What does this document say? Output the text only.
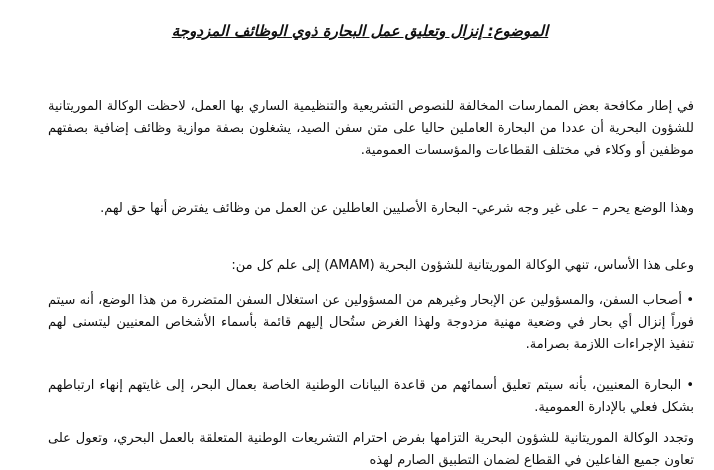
الموضوع: إنزال وتعليق عمل البحارة ذوي الوظائف المزدوجة
في إطار مكافحة بعض الممارسات المخالفة للنصوص التشريعية والتنظيمية الساري بها العمل، لاحظت الوكالة الموريتانية للشؤون البحرية أن عددا من البحارة العاملين حاليا على متن سفن الصيد، يشغلون بصفة موازية وظائف إضافية بصفتهم موظفين أو وكلاء في مختلف القطاعات والمؤسسات العمومية.
وهذا الوضع يحرم – على غير وجه شرعي- البحارة الأصليين العاطلين عن العمل من وظائف يفترض أنها حق لهم.
وعلى هذا الأساس، تنهي الوكالة الموريتانية للشؤون البحرية (AMAM) إلى علم كل من:
• أصحاب السفن، والمسؤولين عن الإبحار وغيرهم من المسؤولين عن استغلال السفن المتضررة من هذا الوضع، أنه سيتم فوراً إنزال أي بحار في وضعية مهنية مزدوجة ولهذا الغرض ستُحال إليهم قائمة بأسماء الأشخاص المعنيين ليتسنى لهم تنفيذ الإجراءات اللازمة بصرامة.
• البحارة المعنيين، بأنه سيتم تعليق أسمائهم من قاعدة البيانات الوطنية الخاصة بعمال البحر، إلى غايتهم إنهاء ارتباطهم بشكل فعلي بالإدارة العمومية.
وتجدد الوكالة الموريتانية للشؤون البحرية التزامها بفرض احترام التشريعات الوطنية المتعلقة بالعمل البحري، وتعول على تعاون جميع الفاعلين في القطاع لضمان التطبيق الصارم لهذه
